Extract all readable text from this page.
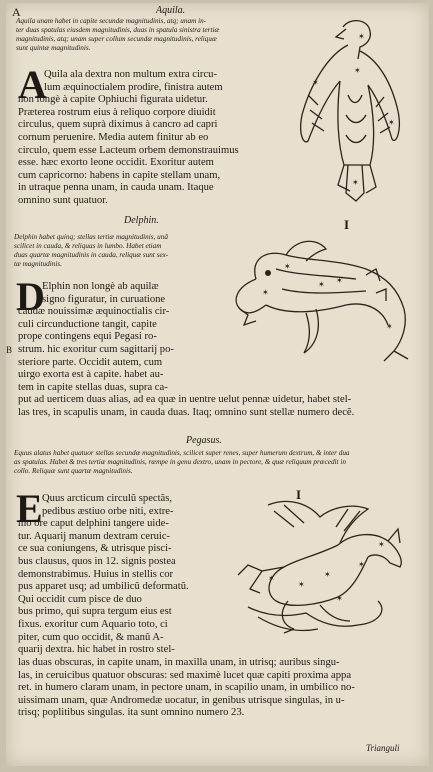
A	Aquila.
Aquila unam habet in capite secundæ magnitudinis, atq; unam in-
ter duas spatulas eiusdem magnitudinis, duas in spatula sinistra tertiæ
magnitudinis, atq; unam super collum secundæ magnitudinis, reliquæ
sunt quintæ magnitudinis.
✶
✶
✶
✶
✶
A
Quila ala dextra non multum extra circu-
lum æquinoctialem prodire, finistra autem
non longè à capite Ophiuchi figurata uidetur.
Præterea rostrum eius à reliquo corpore diuidit
circulus, quem suprà diximus à cancro ad capri
cornum peruenire. Media autem finitur ab eo
circulo, quem esse Lacteum orbem demonstrauimus
esse. hæc exorto leone occidit. Exoritur autem
cum capricorno: habens in capite stellam unam,
in utraque penna unam, in cauda unam. Itaque
omnino sunt quatuor.
Delphin.	I
Delphin habet quinq; stellas tertiæ magnitudinis, unã
scilicet in cauda, & reliquas in lumbo. Habet etiam
duas quartæ magnitudinis in cauda, reliquæ sunt sex-
tæ magnitudinis.	✶
✶
✶ ✶
✶
D
Elphin non longè ab aquilæ
signo figuratur, in curuatione
caudæ nouissimæ æquinoctialis cir-
culi circunductione tangit, capite
prope contingens equi Pegasi ro-
strum. hic exoritur cum sagittarij po-
steriore parte. Occidit autem, cum
uirgo exorta est à capite. habet au-
tem in capite stellas duas, supra ca-
B
put ad uerticem duas alias, ad ea quæ in uentre uelut pennæ uidetur, habet stel-
las tres, in scapulis unam, in cauda duas. Itaq; omnino sunt stellæ numero decẽ.
Pegasus.
Equus alatus habet quatuor stellas secundæ magnitudinis, scilicet super renes, super humerum dextrum, & inter dua
as spatulas. Habet & tres tertiæ magnitudinis, ræmpe in genu dextro, unam in pectore, & quæ reliquum præcedit in
collo. Reliquæ sunt quartæ magnitudinis.
I
✶
✶
✶
✶
✶
✶
E Quus arcticum circulũ spectãs,
pedibus æstiuo orbe niti, extre-
mo ore caput delphini tangere uide-
tur. Aquarij manum dextram ceruic-
ce sua coniungens, & utrisque pisci-
bus clausus, quos in 12. signis postea
demonstrabimus. Huius in stellis cor
pus apparet usq; ad umbilicũ deformatũ.
Qui occidit cum pisce de duo
bus primo, qui supra tergum eius est
fixus. exoritur cum Aquario toto, ci
piter, cum quo occidit, & manũ A-
quarij dextra. hic habet in rostro stel-
las duas obscuras, in capite unam, in maxilla unam, in utrisq; auribus singu-
las, in ceruicibus quatuor obscuras: sed maximè lucet quæ capiti proxima appa
ret. in humero claram unam, in pectore unam, in scapilio unam, in umbilico no-
uissimam unam, quæ Andromedæ uocatur, in genibus utrisque singulas, in u-
trisq; poplitibus singulas. ita sunt omnino numero 23.
Trianguli
